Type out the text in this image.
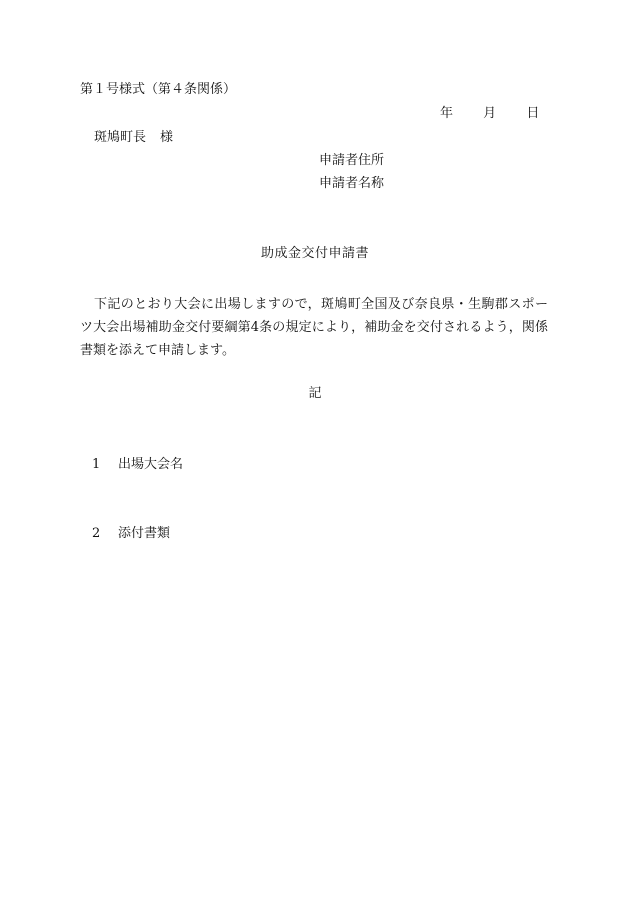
第１号様式（第４条関係）
年 月 日
斑鳩町長 様
申請者住所
申請者名称
助成金交付申請書

下記のとおり大会に出場しますので，斑鳩町全国及び奈良県・生駒郡スポーツ大会出場補助金交付要綱第4条の規定により，補助金を交付されるよう，関係書類を添えて申請します。

記
1 出場大会名
2 添付書類
